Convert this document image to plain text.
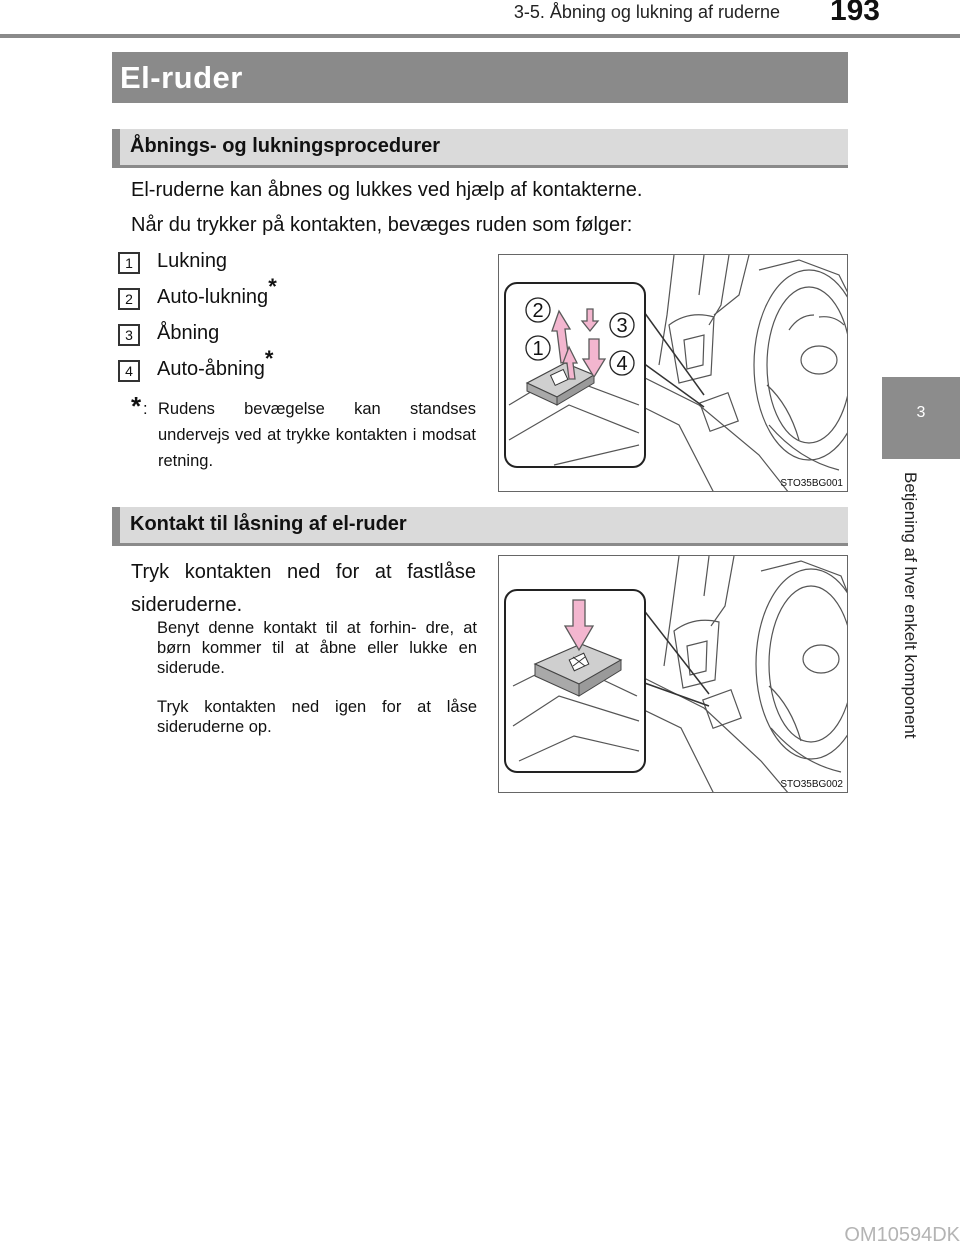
3-5. Åbning og lukning af ruderne	193
3
Betjening af hver enkelt komponent
El-ruder
Åbnings- og lukningsprocedurer
El-ruderne kan åbnes og lukkes ved hjælp af kontakterne.
Når du trykker på kontakten, bevæges ruden som følger:
1	Lukning
2	Auto-lukning*
3	Åbning
4	Auto-åbning*
* : Rudens bevægelse kan standses undervejs ved at trykke kontakten i modsat retning.
2
3
1
4
STO35BG001
Kontakt til låsning af el-ruder
Tryk kontakten ned for at fastlåse sideruderne.
Benyt denne kontakt til at forhin- dre, at børn kommer til at åbne eller lukke en siderude.
Tryk kontakten ned igen for at låse sideruderne op.
STO35BG002
OM10594DK
